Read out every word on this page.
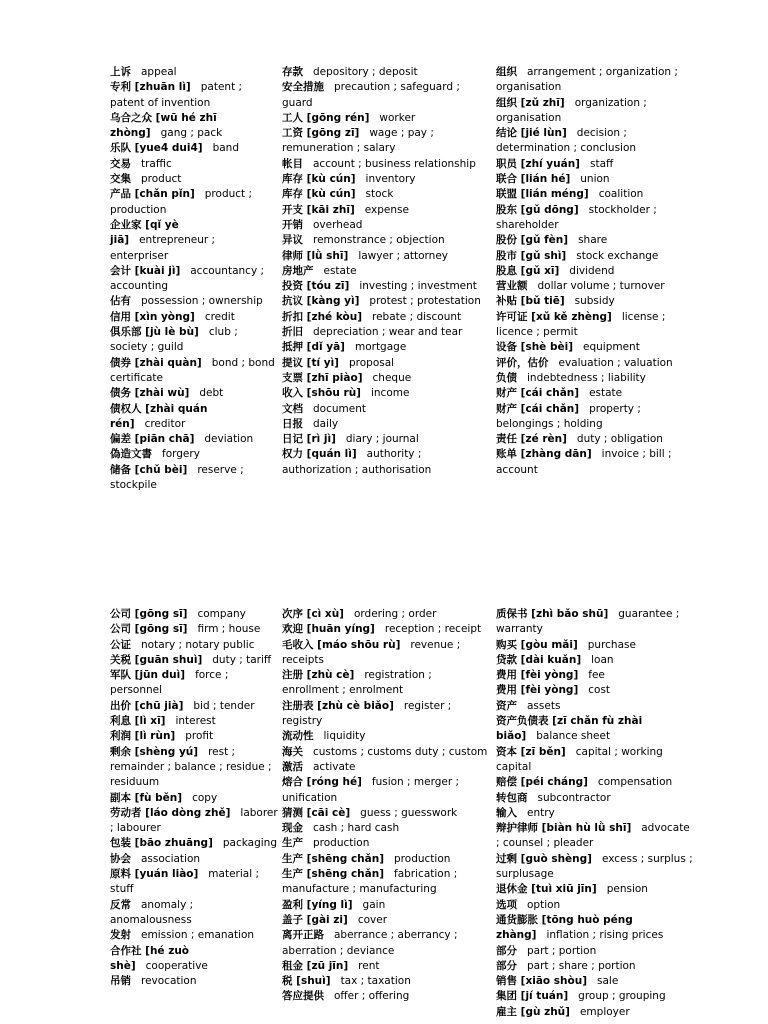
上诉 appeal
专利 [zhuān lì] patent ; patent of invention
乌合之众 [wū hé zhī zhòng] gang ; pack
乐队 [yue4 dui4] band
交易 traffic
交集 product
产品 [chǎn pǐn] product ; production
企业家 [qǐ yè jiā] entrepreneur ; enterpriser
会计 [kuài jì] accountancy ; accounting
佔有 possession ; ownership
信用 [xìn yòng] credit
俱乐部 [jù lè bù] club ; society ; guild
债券 [zhài quàn] bond ; bond certificate
债务 [zhài wù] debt
债权人 [zhài quán rén] creditor
偏差 [piān chā] deviation
偽造文書 forgery
储备 [chǔ bèi] reserve ; stockpile
存款 depository ; deposit
安全措施 precaution ; safeguard ; guard
工人 [gōng rén] worker
工资 [gōng zī] wage ; pay ; remuneration ; salary
帐目 account ; business relationship
库存 [kù cún] inventory
库存 [kù cún] stock
开支 [kāi zhī] expense
开销 overhead
异议 remonstrance ; objection
律师 [lǜ shī] lawyer ; attorney
房地产 estate
投资 [tóu zī] investing ; investment
抗议 [kàng yì] protest ; protestation
折扣 [zhé kòu] rebate ; discount
折旧 depreciation ; wear and tear
抵押 [dǐ yā] mortgage
提议 [tí yì] proposal
支票 [zhī piào] cheque
收入 [shōu rù] income
文档 document
日报 daily
日记 [rì jì] diary ; journal
权力 [quán lì] authority ; authorization ; authorisation
组织 arrangement ; organization ; organisation
组织 [zǔ zhī] organization ; organisation
结论 [jié lùn] decision ; determination ; conclusion
职员 [zhí yuán] staff
联合 [lián hé] union
联盟 [lián méng] coalition
股东 [gǔ dōng] stockholder ; shareholder
股份 [gǔ fèn] share
股市 [gǔ shì] stock exchange
股息 [gǔ xī] dividend
营业额 dollar volume ; turnover
补贴 [bǔ tiē] subsidy
许可证 [xǔ kě zhèng] license ; licence ; permit
设备 [shè bèi] equipment
评价，估价 evaluation ; valuation
负债 indebtedness ; liability
财产 [cái chǎn] estate
财产 [cái chǎn] property ; belongings ; holding
责任 [zé rèn] duty ; obligation
账单 [zhàng dān] invoice ; bill ; account
公司 [gōng sī] company
公司 [gōng sī] firm ; house
公证 notary ; notary public
关税 [guān shuì] duty ; tariff
军队 [jūn duì] force ; personnel
出价 [chū jià] bid ; tender
利息 [lì xī] interest
利润 [lì rùn] profit
剩余 [shèng yú] rest ; remainder ; balance ; residue ; residuum
副本 [fù běn] copy
劳动者 [láo dòng zhě] laborer ; labourer
包装 [bāo zhuāng] packaging
协会 association
原料 [yuán liào] material ; stuff
反常 anomaly ; anomalousness
发射 emission ; emanation
合作社 [hé zuò shè] cooperative
吊销 revocation
次序 [cì xù] ordering ; order
欢迎 [huān yíng] reception ; receipt
毛收入 [máo shōu rù] revenue ; receipts
注册 [zhù cè] registration ; enrollment ; enrolment
注册表 [zhù cè biǎo] register ; registry
流动性 liquidity
海关 customs ; customs duty ; custom
激活 activate
熔合 [róng hé] fusion ; merger ; unification
猜测 [cāi cè] guess ; guesswork
现金 cash ; hard cash
生产 production
生产 [shēng chǎn] production
生产 [shēng chǎn] fabrication ; manufacture ; manufacturing
盈利 [yíng lì] gain
盖子 [gài zi] cover
离开正路 aberrance ; aberrancy ; aberration ; deviance
租金 [zū jīn] rent
税 [shuì] tax ; taxation
答应提供 offer ; offering
质保书 [zhì bǎo shū] guarantee ; warranty
购买 [gòu mǎi] purchase
贷款 [dài kuǎn] loan
费用 [fèi yòng] fee
费用 [fèi yòng] cost
资产 assets
资产负债表 [zī chǎn fù zhài biǎo] balance sheet
资本 [zī běn] capital ; working capital
赔偿 [péi cháng] compensation
转包商 subcontractor
输入 entry
辩护律师 [biàn hù lǜ shī] advocate ; counsel ; pleader
过剩 [guò shèng] excess ; surplus ; surplusage
退休金 [tuì xiū jīn] pension
选项 option
通货膨胀 [tōng huò péng zhàng] inflation ; rising prices
部分 part ; portion
部分 part ; share ; portion
销售 [xiāo shòu] sale
集团 [jí tuán] group ; grouping
雇主 [gù zhǔ] employer
